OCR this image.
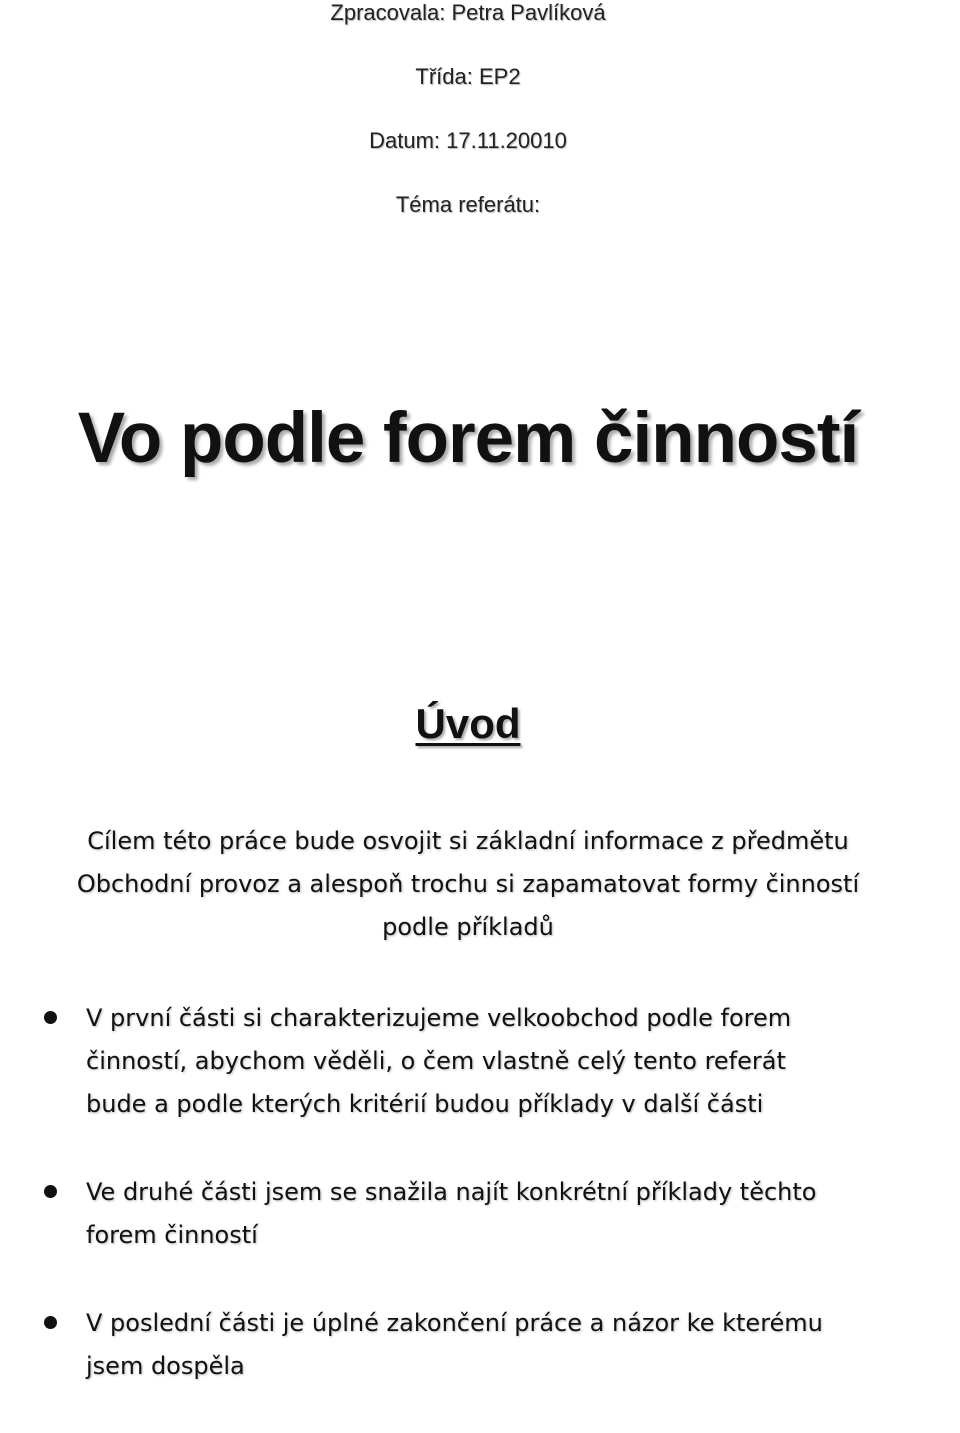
Zpracovala: Petra Pavlíková
Třída: EP2
Datum: 17.11.20010
Téma referátu:
Vo podle forem činností
Úvod
Cílem této práce bude osvojit si základní informace z předmětu
Obchodní provoz a alespoň trochu si zapamatovat formy činností
podle příkladů
V první části si charakterizujeme velkoobchod podle forem
činností, abychom věděli, o čem vlastně celý tento referát
bude a podle kterých kritérií budou příklady v další části
Ve druhé části jsem se snažila najít konkrétní příklady těchto
forem činností
V poslední části je úplné zakončení práce a názor ke kterému
jsem dospěla
